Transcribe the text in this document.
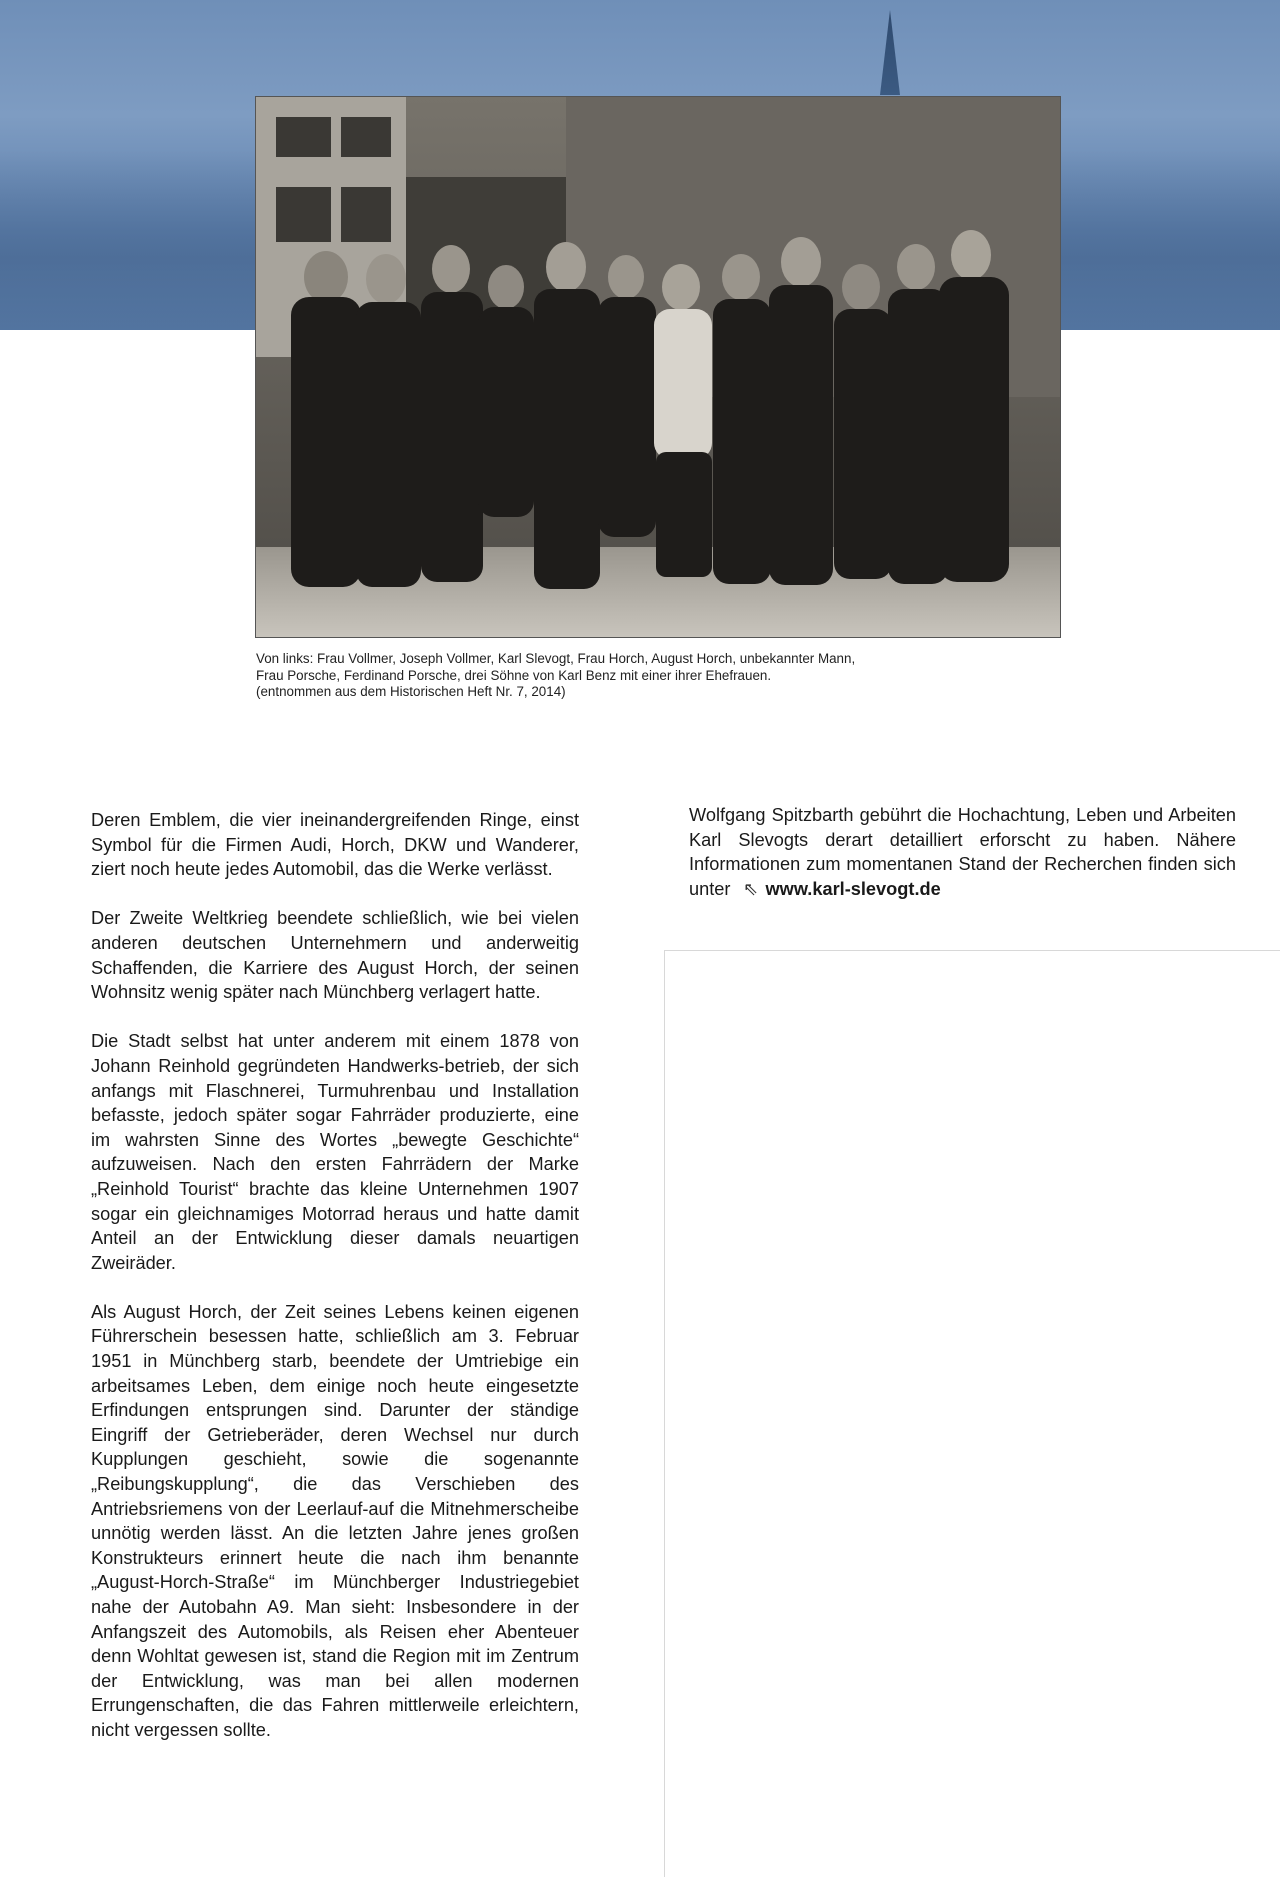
Von links: Frau Vollmer, Joseph Vollmer, Karl Slevogt, Frau Horch, August Horch, unbekannter Mann,

Frau Porsche, Ferdinand Porsche, drei Söhne von Karl Benz mit einer ihrer Ehefrauen.

(entnommen aus dem Historischen Heft Nr. 7, 2014)

Deren Emblem, die vier ineinandergreifenden Ringe, einst Symbol für die Firmen Audi, Horch, DKW und Wanderer, ziert noch heute jedes Automobil, das die Werke verlässt.

Der Zweite Weltkrieg beendete schließlich, wie bei vielen anderen deutschen Unternehmern und anderweitig Schaffenden, die Karriere des August Horch, der seinen Wohnsitz wenig später nach Münchberg verlagert hatte.

Die Stadt selbst hat unter anderem mit einem 1878 von Johann Reinhold gegründeten Handwerks-betrieb, der sich anfangs mit Flaschnerei, Turmuhrenbau und Installation befasste, jedoch später sogar Fahrräder produzierte, eine im wahrsten Sinne des Wortes „bewegte Geschichte“ aufzuweisen. Nach den ersten Fahrrädern der Marke „Reinhold Tourist“ brachte das kleine Unternehmen 1907 sogar ein gleichnamiges Motorrad heraus und hatte damit Anteil an der Entwicklung dieser damals neuartigen Zweiräder.

Als August Horch, der Zeit seines Lebens keinen eigenen Führerschein besessen hatte, schließlich am 3. Februar 1951 in Münchberg starb, beendete der Umtriebige ein arbeitsames Leben, dem einige noch heute eingesetzte Erfindungen entsprungen sind. Darunter der ständige Eingriff der Getrieberäder, deren Wechsel nur durch Kupplungen geschieht, sowie die sogenannte „Reibungskupplung“, die das Verschieben des Antriebsriemens von der Leerlauf-auf die Mitnehmerscheibe unnötig werden lässt. An die letzten Jahre jenes großen Konstrukteurs erinnert heute die nach ihm benannte „August-Horch-Straße“ im Münchberger Industriegebiet nahe der Autobahn A9. Man sieht: Insbesondere in der Anfangszeit des Automobils, als Reisen eher Abenteuer denn Wohltat gewesen ist, stand die Region mit im Zentrum der Entwicklung, was man bei allen modernen Errungenschaften, die das Fahren mittlerweile erleichtern, nicht vergessen sollte.

Wolfgang Spitzbarth gebührt die Hochachtung, Leben und Arbeiten Karl Slevogts derart detailliert erforscht zu haben. Nähere Informationen zum momentanen Stand der Recherchen finden sich unter ⇖ www.karl-slevogt.de
